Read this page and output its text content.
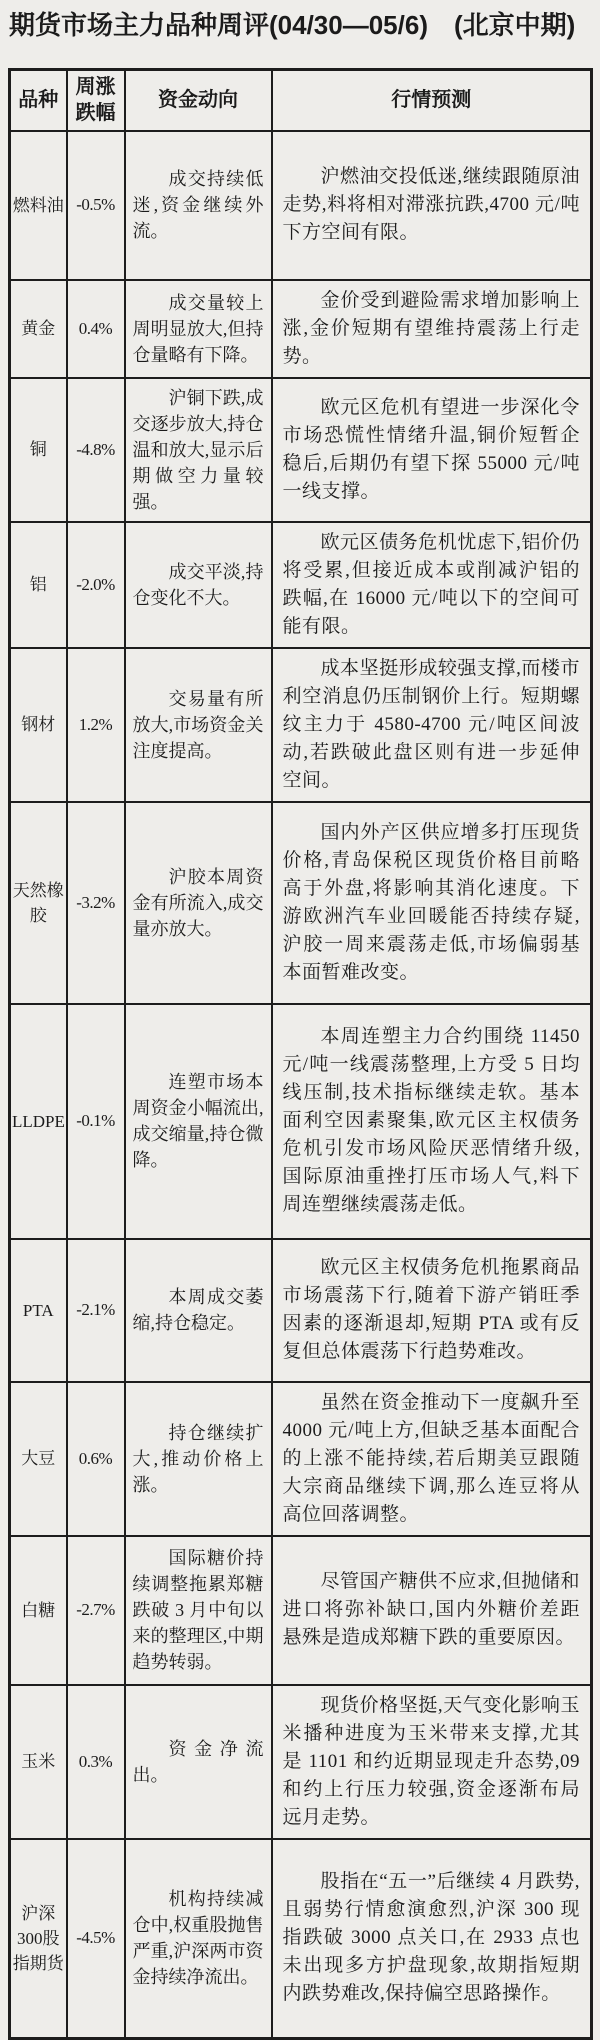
期货市场主力品种周评(04/30—05/6)　(北京中期)
品种	周涨跌幅	资金动向	行情预测
燃料油	-0.5%	成交持续低迷,资金继续外流。	沪燃油交投低迷,继续跟随原油走势,料将相对滞涨抗跌,4700 元/吨下方空间有限。
黄金	0.4%	成交量较上周明显放大,但持仓量略有下降。	金价受到避险需求增加影响上涨,金价短期有望维持震荡上行走势。
铜	-4.8%	沪铜下跌,成交逐步放大,持仓温和放大,显示后期做空力量较强。	欧元区危机有望进一步深化令市场恐慌性情绪升温,铜价短暂企稳后,后期仍有望下探 55000 元/吨一线支撑。
铝	-2.0%	成交平淡,持仓变化不大。	欧元区债务危机忧虑下,铝价仍将受累,但接近成本或削减沪铝的跌幅,在 16000 元/吨以下的空间可能有限。
钢材	1.2%	交易量有所放大,市场资金关注度提高。	成本坚挺形成较强支撑,而楼市利空消息仍压制钢价上行。短期螺纹主力于 4580-4700 元/吨区间波动,若跌破此盘区则有进一步延伸空间。
天然橡胶	-3.2%	沪胶本周资金有所流入,成交量亦放大。	国内外产区供应增多打压现货价格,青岛保税区现货价格目前略高于外盘,将影响其消化速度。下游欧洲汽车业回暖能否持续存疑,沪胶一周来震荡走低,市场偏弱基本面暂难改变。
LLDPE	-0.1%	连塑市场本周资金小幅流出,成交缩量,持仓微降。	本周连塑主力合约围绕 11450 元/吨一线震荡整理,上方受 5 日均线压制,技术指标继续走软。基本面利空因素聚集,欧元区主权债务危机引发市场风险厌恶情绪升级,国际原油重挫打压市场人气,料下周连塑继续震荡走低。
PTA	-2.1%	本周成交萎缩,持仓稳定。	欧元区主权债务危机拖累商品市场震荡下行,随着下游产销旺季因素的逐渐退却,短期 PTA 或有反复但总体震荡下行趋势难改。
大豆	0.6%	持仓继续扩大,推动价格上涨。	虽然在资金推动下一度飙升至 4000 元/吨上方,但缺乏基本面配合的上涨不能持续,若后期美豆跟随大宗商品继续下调,那么连豆将从高位回落调整。
白糖	-2.7%	国际糖价持续调整拖累郑糖跌破 3 月中旬以来的整理区,中期趋势转弱。	尽管国产糖供不应求,但抛储和进口将弥补缺口,国内外糖价差距悬殊是造成郑糖下跌的重要原因。
玉米	0.3%	资金净流出。	现货价格坚挺,天气变化影响玉米播种进度为玉米带来支撑,尤其是 1101 和约近期显现走升态势,09 和约上行压力较强,资金逐渐布局远月走势。
沪深300股指期货	-4.5%	机构持续减仓中,权重股抛售严重,沪深两市资金持续净流出。	股指在“五一”后继续 4 月跌势,且弱势行情愈演愈烈,沪深 300 现指跌破 3000 点关口,在 2933 点也未出现多方护盘现象,故期指短期内跌势难改,保持偏空思路操作。
